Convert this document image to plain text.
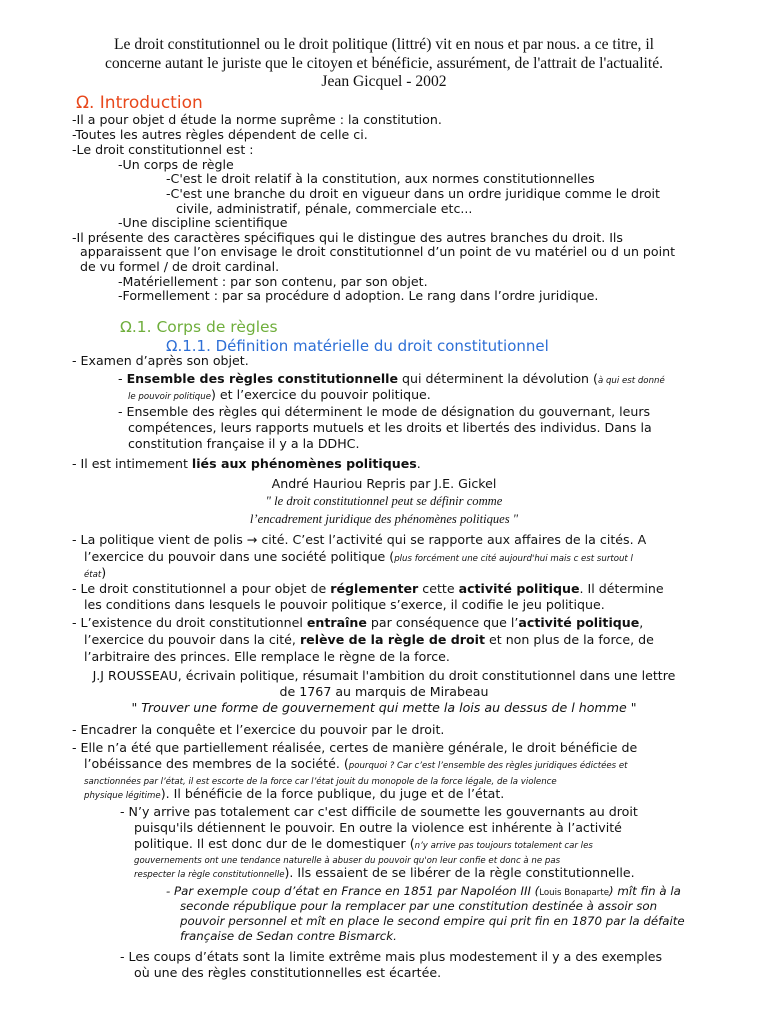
Le droit constitutionnel ou le droit politique (littré) vit en nous et par nous. a ce titre, il
concerne autant le juriste que le citoyen et bénéficie, assurément, de l'attrait de l'actualité.
Jean Gicquel - 2002
Ω. Introduction
-Il a pour objet d étude la norme suprême : la constitution.
-Toutes les autres règles dépendent de celle ci.
-Le droit constitutionnel est :
-Un corps de règle
-C'est le droit relatif à la constitution, aux normes constitutionnelles
-C'est une branche du droit en vigueur dans un ordre juridique comme le droit
civile, administratif, pénale, commerciale etc...
-Une discipline scientifique
-Il présente des caractères spécifiques qui le distingue des autres branches du droit. Ils
apparaissent que l’on envisage le droit constitutionnel d’un point de vu matériel ou d un point
de vu formel / de droit cardinal.
-Matériellement : par son contenu, par son objet.
-Formellement : par sa procédure d adoption. Le rang dans l’ordre juridique.
Ω.1. Corps de règles
Ω.1.1. Définition matérielle du droit constitutionnel
- Examen d’après son objet.
- Ensemble des règles constitutionnelle qui déterminent la dévolution (à qui est donné
le pouvoir politique) et l’exercice du pouvoir politique.
- Ensemble des règles qui déterminent le mode de désignation du gouvernant, leurs
compétences, leurs rapports mutuels et les droits et libertés des individus. Dans la
constitution française il y a la DDHC.
- Il est intimement liés aux phénomènes politiques.
André Hauriou Repris par J.E. Gickel
" le droit constitutionnel peut se définir comme
l’encadrement juridique des phénomènes politiques "
- La politique vient de polis → cité. C’est l’activité qui se rapporte aux affaires de la cités. A
l’exercice du pouvoir dans une société politique (plus forcément une cité aujourd'hui mais c est surtout l
état)
- Le droit constitutionnel a pour objet de réglementer cette activité politique. Il détermine
les conditions dans lesquels le pouvoir politique s’exerce, il codifie le jeu politique.
- L’existence du droit constitutionnel entraîne par conséquence que l’activité politique,
l’exercice du pouvoir dans la cité, relève de la règle de droit et non plus de la force, de
l’arbitraire des princes. Elle remplace le règne de la force.
J.J ROUSSEAU, écrivain politique, résumait l'ambition du droit constitutionnel dans une lettre
de 1767 au marquis de Mirabeau
" Trouver une forme de gouvernement qui mette la lois au dessus de l homme "
- Encadrer la conquête et l’exercice du pouvoir par le droit.
- Elle n’a été que partiellement réalisée, certes de manière générale, le droit bénéficie de
l’obéissance des membres de la société. (pourquoi ? Car c’est l’ensemble des règles juridiques édictées et
sanctionnées par l’état, il est escorte de la force car l’état jouit du monopole de la force légale, de la violence
physique légitime). Il bénéficie de la force publique, du juge et de l’état.
- N’y arrive pas totalement car c'est difficile de soumette les gouvernants au droit
puisqu'ils détiennent le pouvoir. En outre la violence est inhérente à l’activité
politique. Il est donc dur de le domestiquer (n’y arrive pas toujours totalement car les
gouvernements ont une tendance naturelle à abuser du pouvoir qu'on leur confie et donc à ne pas
respecter la règle constitutionnelle). Ils essaient de se libérer de la règle constitutionnelle.
- Par exemple coup d’état en France en 1851 par Napoléon III (Louis Bonaparte) mît fin à la
seconde république pour la remplacer par une constitution destinée à assoir son
pouvoir personnel et mît en place le second empire qui prit fin en 1870 par la défaite
française de Sedan contre Bismarck.
- Les coups d’états sont la limite extrême mais plus modestement il y a des exemples
où une des règles constitutionnelles est écartée.
